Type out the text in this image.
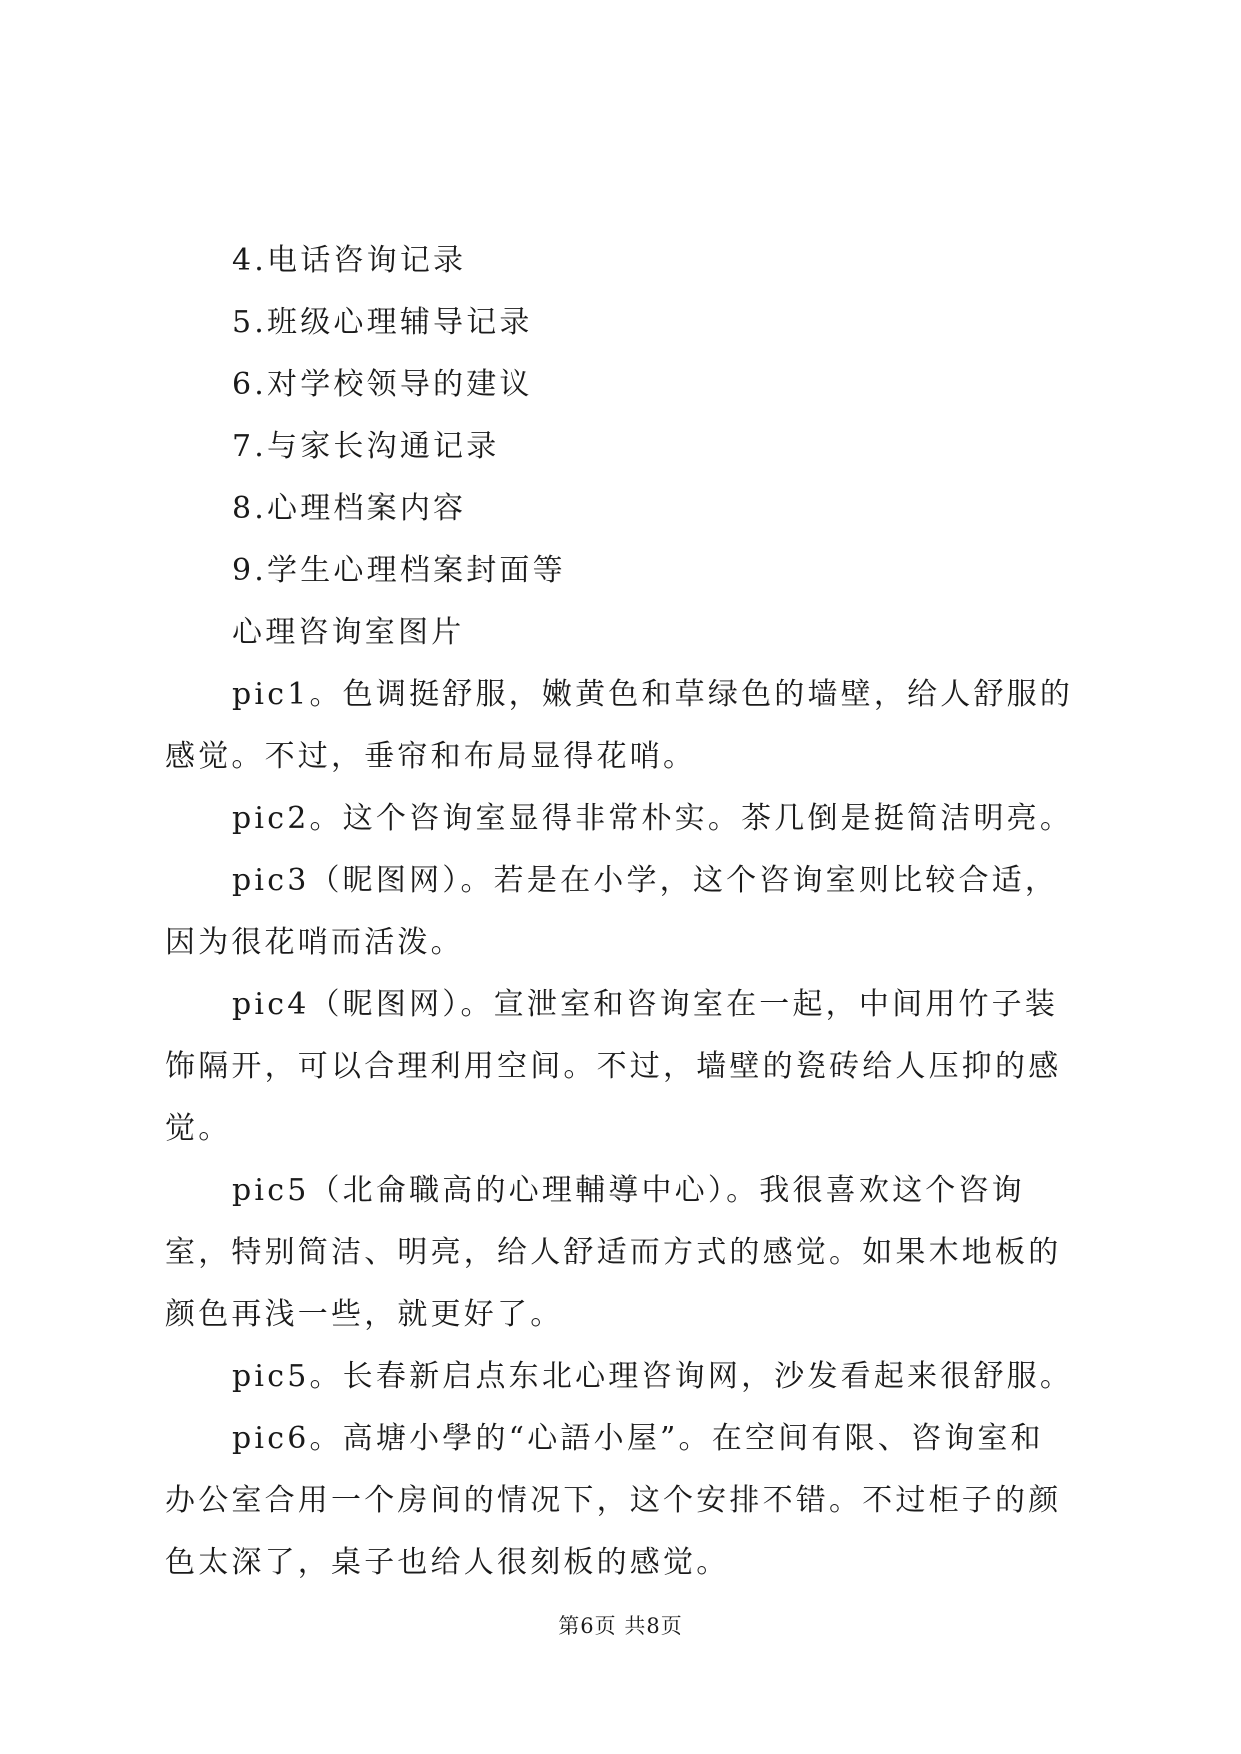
4.电话咨询记录

5.班级心理辅导记录

6.对学校领导的建议

7.与家长沟通记录

8.心理档案内容

9.学生心理档案封面等

心理咨询室图片

pic1。色调挺舒服，嫩黄色和草绿色的墙壁，给人舒服的感觉。不过，垂帘和布局显得花哨。

pic2。这个咨询室显得非常朴实。茶几倒是挺简洁明亮。

pic3（昵图网）。若是在小学，这个咨询室则比较合适，因为很花哨而活泼。

pic4（昵图网）。宣泄室和咨询室在一起，中间用竹子装饰隔开，可以合理利用空间。不过，墙壁的瓷砖给人压抑的感觉。

pic5（北侖職高的心理輔導中心）。我很喜欢这个咨询室，特别简洁、明亮，给人舒适而方式的感觉。如果木地板的颜色再浅一些，就更好了。

pic5。长春新启点东北心理咨询网，沙发看起来很舒服。

pic6。高塘小學的“心語小屋”。在空间有限、咨询室和办公室合用一个房间的情况下，这个安排不错。不过柜子的颜色太深了，桌子也给人很刻板的感觉。

第6页 共8页
